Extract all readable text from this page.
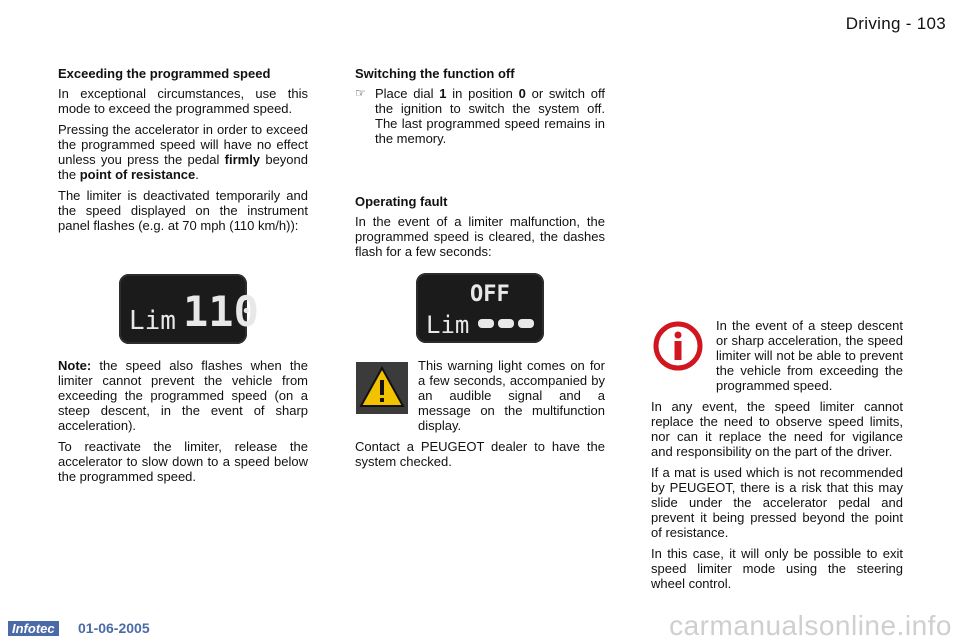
Driving - 103

Exceeding the programmed speed

In exceptional circumstances, use this mode to exceed the programmed speed.

Pressing the accelerator in order to exceed the programmed speed will have no effect unless you press the pedal firmly beyond the point of resistance.

The limiter is deactivated temporarily and the speed displayed on the instrument panel flashes (e.g. at 70 mph (110 km/h)):

Lim 110

Note: the speed also flashes when the limiter cannot prevent the vehicle from exceeding the programmed speed (on a steep descent, in the event of sharp acceleration).

To reactivate the limiter, release the accelerator to slow down to a speed below the programmed speed.

Switching the function off

☞ Place dial 1 in position 0 or switch off the ignition to switch the system off. The last programmed speed remains in the memory.

Operating fault

In the event of a limiter malfunction, the programmed speed is cleared, the dashes flash for a few seconds:

OFF
Lim

This warning light comes on for a few seconds, accompanied by an audible signal and a message on the multifunction display.

Contact a PEUGEOT dealer to have the system checked.

In the event of a steep descent or sharp acceleration, the speed limiter will not be able to prevent the vehicle from exceeding the programmed speed.

In any event, the speed limiter cannot replace the need to observe speed limits, nor can it replace the need for vigilance and responsibility on the part of the driver.

If a mat is used which is not recommended by PEUGEOT, there is a risk that this may slide under the accelerator pedal and prevent it being pressed beyond the point of resistance.

In this case, it will only be possible to exit speed limiter mode using the steering wheel control.

Infotec 01-06-2005	carmanualsonline.info
